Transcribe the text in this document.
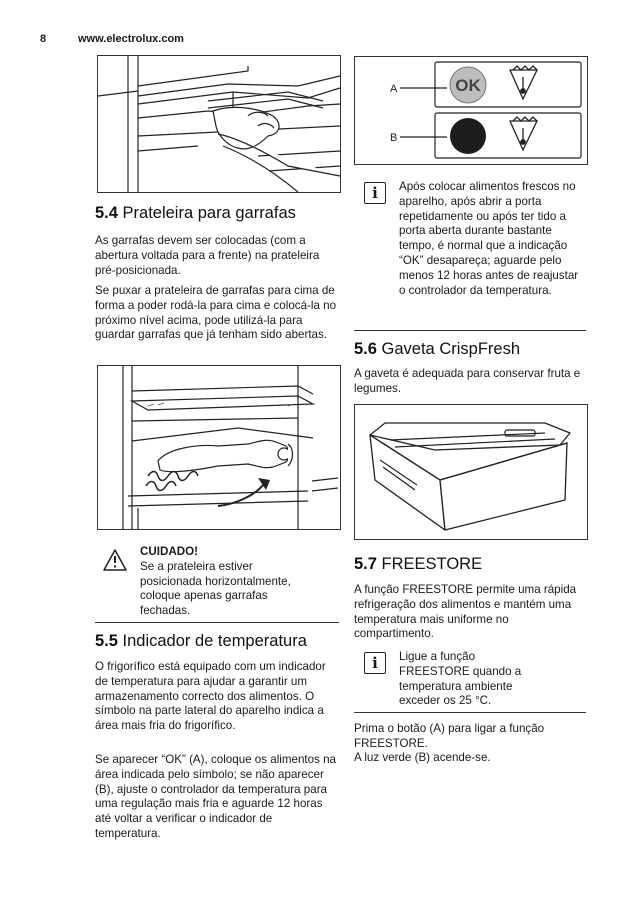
8	www.electrolux.com
5.4 Prateleira para garrafas

As garrafas devem ser colocadas (com a abertura voltada para a frente) na prateleira pré-posicionada.

Se puxar a prateleira de garrafas para cima de forma a poder rodá-la para cima e colocá-la no próximo nível acima, pode utilizá-la para guardar garrafas que já tenham sido abertas.

CUIDADO!
Se a prateleira estiver posicionada horizontalmente, coloque apenas garrafas fechadas.
5.5 Indicador de temperatura

O frigorífico está equipado com um indicador de temperatura para ajudar a garantir um armazenamento correcto dos alimentos. O símbolo na parte lateral do aparelho indica a área mais fria do frigorífico.

Se aparecer “OK” (A), coloque os alimentos na área indicada pelo símbolo; se não aparecer (B), ajuste o controlador da temperatura para uma regulação mais fria e aguarde 12 horas até voltar a verificar o indicador de temperatura.

A
B
OK
i	Após colocar alimentos frescos no aparelho, após abrir a porta repetidamente ou após ter tido a porta aberta durante bastante tempo, é normal que a indicação “OK” desapareça; aguarde pelo menos 12 horas antes de reajustar o controlador da temperatura.
5.6 Gaveta CrispFresh

A gaveta é adequada para conservar fruta e legumes.

5.7 FREESTORE

A função FREESTORE permite uma rápida refrigeração dos alimentos e mantém uma temperatura mais uniforme no compartimento.

i	Ligue a função FREESTORE quando a temperatura ambiente exceder os 25 °C.

Prima o botão (A) para ligar a função FREESTORE.

A luz verde (B) acende-se.
